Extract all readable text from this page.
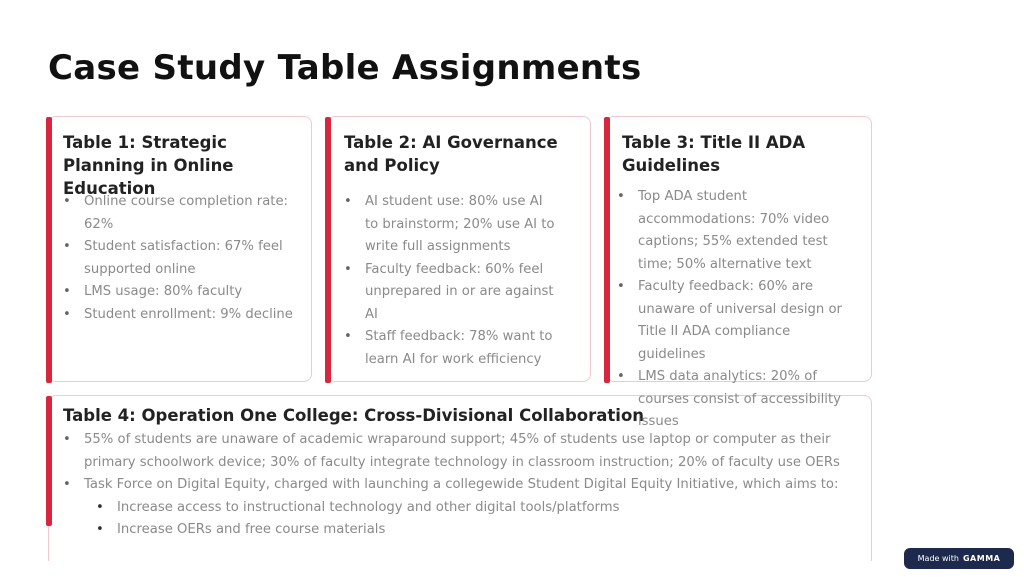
Case Study Table Assignments
Table 1: Strategic Planning in Online Education
• Online course completion rate: 62%
• Student satisfaction: 67% feel supported online
• LMS usage: 80% faculty
• Student enrollment: 9% decline
Table 2: AI Governance and Policy
• AI student use: 80% use AI to brainstorm; 20% use AI to write full assignments
• Faculty feedback: 60% feel unprepared in or are against AI
• Staff feedback: 78% want to learn AI for work efficiency
Table 4: Operation One College: Cross-Divisional Collaboration
• 55% of students are unaware of academic wraparound support; 45% of students use laptop or computer as their primary schoolwork device; 30% of faculty integrate technology in classroom instruction; 20% of faculty use OERs
• Task Force on Digital Equity, charged with launching a collegewide Student Digital Equity Initiative, which aims to:
• Increase access to instructional technology and other digital tools/platforms
• Increase OERs and free course materials
Table 3: Title II ADA Guidelines
• Top ADA student accommodations: 70% video captions; 55% extended test time; 50% alternative text
• Faculty feedback: 60% are unaware of universal design or Title II ADA compliance guidelines
• LMS data analytics: 20% of courses consist of accessibility issues
Made with GAMMA
